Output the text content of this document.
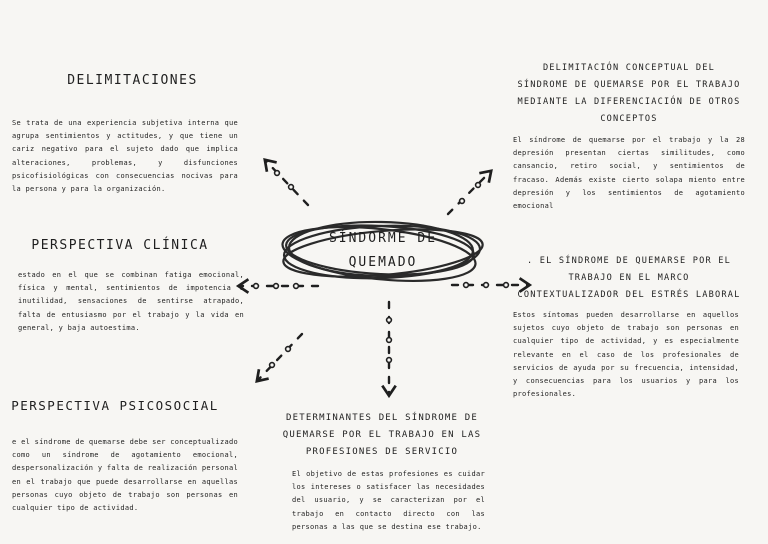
SÍNDORME DE
QUEMADO
DELIMITACIONES
Se trata de una experiencia subjetiva interna que agrupa sentimientos y actitudes, y que tiene un cariz negativo para el sujeto dado que implica alteraciones, problemas, y disfunciones psicofisiológicas con consecuencias nocivas para la persona y para la organización.
PERSPECTIVA CLÍNICA
estado en el que se combinan fatiga emocional, física y mental, sentimientos de impotencia e inutilidad, sensaciones de sentirse atrapado, falta de entusiasmo por el trabajo y la vida en general, y baja autoestima.
PERSPECTIVA PSICOSOCIAL
e el síndrome de quemarse debe ser conceptualizado como un síndrome de agotamiento emocional, despersonalización y falta de realización personal en el trabajo que puede desarrollarse en aquellas personas cuyo objeto de trabajo son personas en cualquier tipo de actividad.
DETERMINANTES DEL SÍNDROME DE QUEMARSE POR EL TRABAJO EN LAS PROFESIONES DE SERVICIO
El objetivo de estas profesiones es cuidar los intereses o satisfacer las necesidades del usuario, y se caracterizan por el trabajo en contacto directo con las personas a las que se destina ese trabajo.
DELIMITACIÓN CONCEPTUAL DEL SÍNDROME DE QUEMARSE POR EL TRABAJO MEDIANTE LA DIFERENCIACIÓN DE OTROS CONCEPTOS
El síndrome de quemarse por el trabajo y la 28 depresión presentan ciertas similitudes, como cansancio, retiro social, y sentimientos de fracaso. Además existe cierto solapa miento entre depresión y los sentimientos de agotamiento emocional
. EL SÍNDROME DE QUEMARSE POR EL TRABAJO EN EL MARCO CONTEXTUALIZADOR DEL ESTRÉS LABORAL
Estos síntomas pueden desarrollarse en aquellos sujetos cuyo objeto de trabajo son personas en cualquier tipo de actividad, y es especialmente relevante en el caso de los profesionales de servicios de ayuda por su frecuencia, intensidad, y consecuencias para los usuarios y para los profesionales.
